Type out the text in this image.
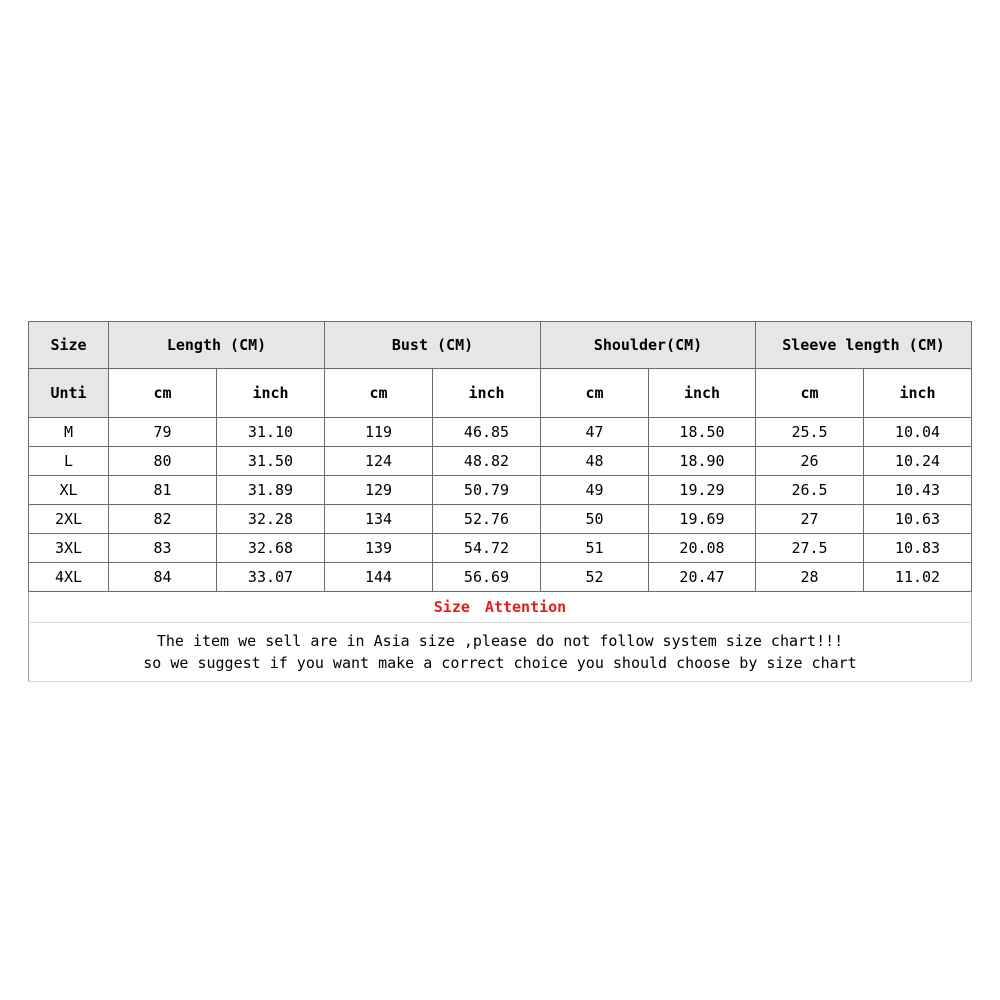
Size	Length (CM)		Bust (CM)		Shoulder(CM)		Sleeve length (CM)	
Unti	cm	inch	cm	inch	cm	inch	cm	inch
M	79	31.10	119	46.85	47	18.50	25.5	10.04
L	80	31.50	124	48.82	48	18.90	26	10.24
XL	81	31.89	129	50.79	49	19.29	26.5	10.43
2XL	82	32.28	134	52.76	50	19.69	27	10.63
3XL	83	32.68	139	54.72	51	20.08	27.5	10.83
4XL	84	33.07	144	56.69	52	20.47	28	11.02
Size Attention								

The item we sell are in Asia size ,please do not follow system size chart!!!
so we suggest if you want make a correct choice you should choose by size chart								
